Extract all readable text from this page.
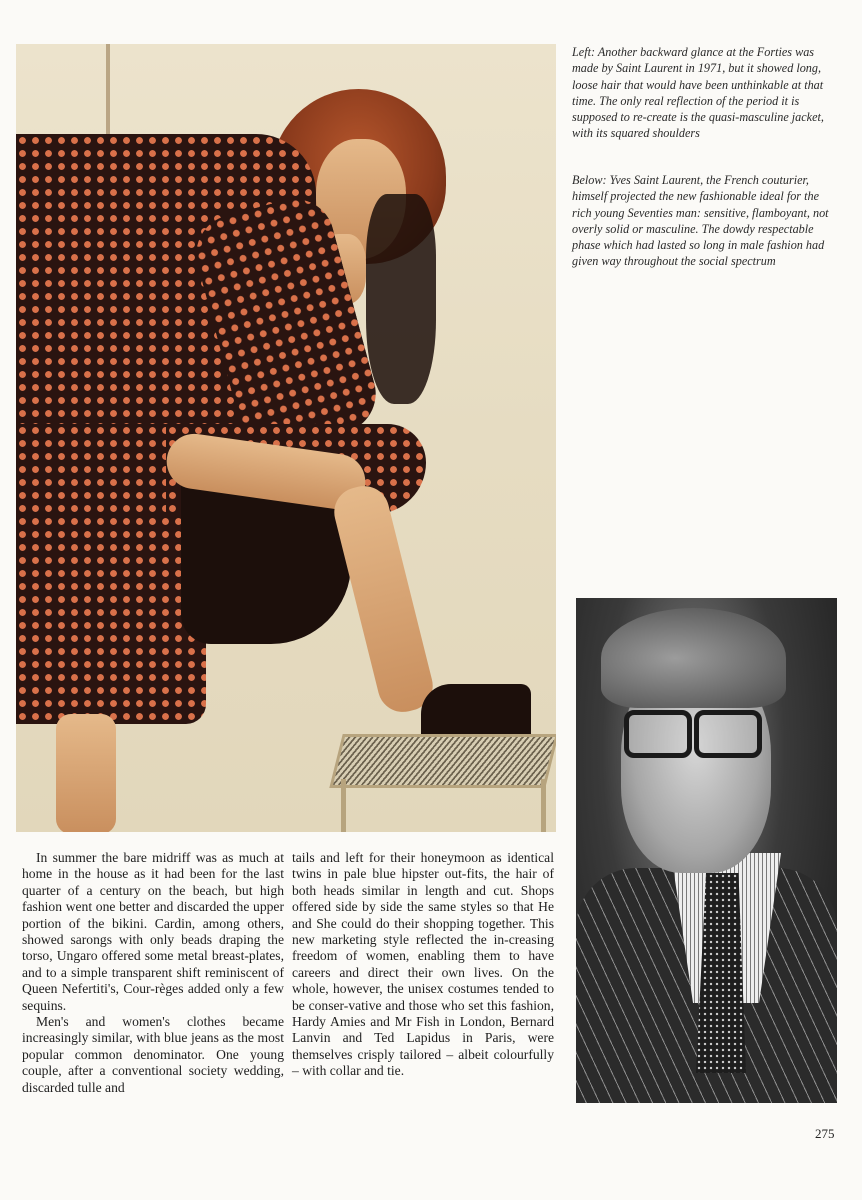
Left: Another backward glance at the Forties was made by Saint Laurent in 1971, but it showed long, loose hair that would have been unthinkable at that time. The only real reflection of the period it is supposed to re-create is the quasi-masculine jacket, with its squared shoulders

Below: Yves Saint Laurent, the French couturier, himself projected the new fashionable ideal for the rich young Seventies man: sensitive, flamboyant, not overly solid or masculine. The dowdy respectable phase which had lasted so long in male fashion had given way throughout the social spectrum

In summer the bare midriff was as much at home in the house as it had been for the last quarter of a century on the beach, but high fashion went one better and discarded the upper portion of the bikini. Cardin, among others, showed sarongs with only beads draping the torso, Ungaro offered some metal breast-plates, and to a simple transparent shift reminiscent of Queen Nefertiti's, Cour-règes added only a few sequins.

Men's and women's clothes became increasingly similar, with blue jeans as the most popular common denominator. One young couple, after a conventional society wedding, discarded tulle and

tails and left for their honeymoon as identical twins in pale blue hipster out-fits, the hair of both heads similar in length and cut. Shops offered side by side the same styles so that He and She could do their shopping together. This new marketing style reflected the in-creasing freedom of women, enabling them to have careers and direct their own lives. On the whole, however, the unisex costumes tended to be conser-vative and those who set this fashion, Hardy Amies and Mr Fish in London, Bernard Lanvin and Ted Lapidus in Paris, were themselves crisply tailored – albeit colourfully – with collar and tie.

275
